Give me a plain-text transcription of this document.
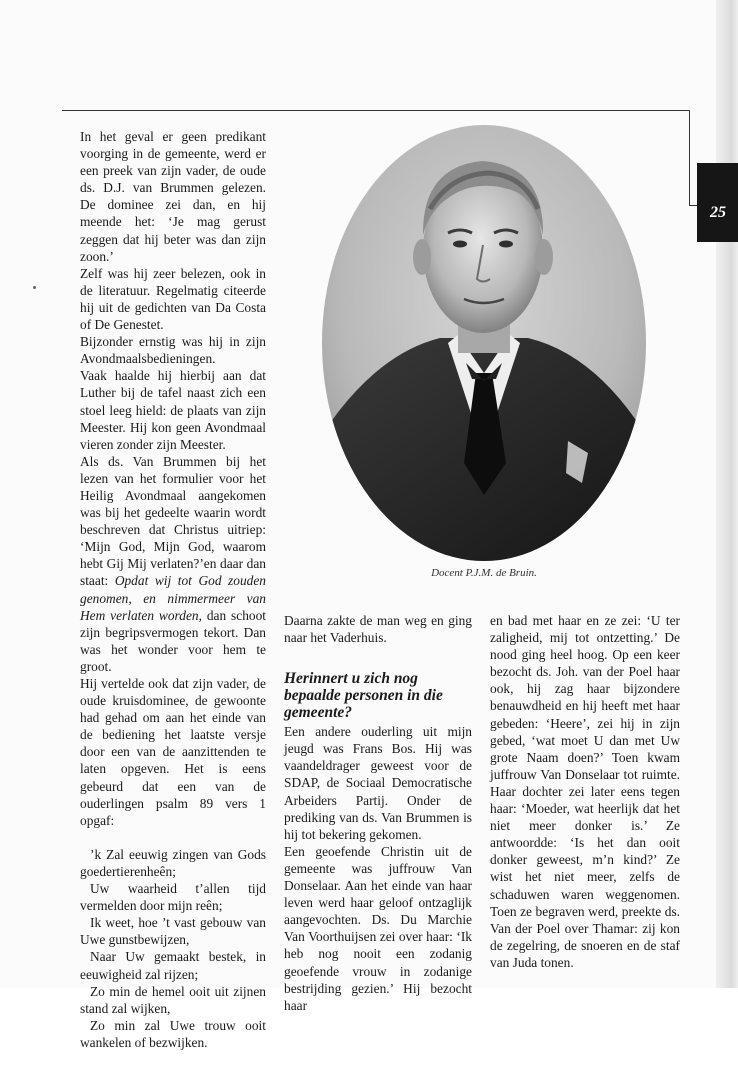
25

In het geval er geen predikant voorging in de gemeente, werd er een preek van zijn vader, de oude ds. D.J. van Brummen gelezen. De dominee zei dan, en hij meende het: ‘Je mag gerust zeggen dat hij beter was dan zijn zoon.’

Zelf was hij zeer belezen, ook in de literatuur. Regelmatig citeerde hij uit de gedichten van Da Costa of De Genestet.

Bijzonder ernstig was hij in zijn Avondmaalsbedieningen.

Vaak haalde hij hierbij aan dat Luther bij de tafel naast zich een stoel leeg hield: de plaats van zijn Meester. Hij kon geen Avondmaal vieren zonder zijn Meester.

Als ds. Van Brummen bij het lezen van het formulier voor het Heilig Avondmaal aangekomen was bij het gedeelte waarin wordt beschreven dat Christus uitriep: ‘Mijn God, Mijn God, waarom hebt Gij Mij verlaten?’en daar dan staat: Opdat wij tot God zouden genomen, en nimmermeer van Hem verlaten worden, dan schoot zijn begripsvermogen tekort. Dan was het wonder voor hem te groot.

Hij vertelde ook dat zijn vader, de oude kruisdominee, de gewoonte had gehad om aan het einde van de bediening het laatste versje door een van de aanzittenden te laten opgeven. Het is eens gebeurd dat een van de ouderlingen psalm 89 vers 1 opgaf:

’k Zal eeuwig zingen van Gods goedertierenheên;

Uw waarheid t’allen tijd vermelden door mijn reên;

Ik weet, hoe ’t vast gebouw van Uwe gunstbewijzen,

Naar Uw gemaakt bestek, in eeuwigheid zal rijzen;

Zo min de hemel ooit uit zijnen stand zal wijken,

Zo min zal Uwe trouw ooit wankelen of bezwijken.

Docent P.J.M. de Bruin.

Daarna zakte de man weg en ging naar het Vaderhuis.

Herinnert u zich nog bepaalde personen in die gemeente?

Een andere ouderling uit mijn jeugd was Frans Bos. Hij was vaandeldrager geweest voor de SDAP, de Sociaal Democratische Arbeiders Partij. Onder de prediking van ds. Van Brummen is hij tot bekering gekomen.

Een geoefende Christin uit de gemeente was juffrouw Van Donselaar. Aan het einde van haar leven werd haar geloof ontzaglijk aangevochten. Ds. Du Marchie Van Voorthuijsen zei over haar: ‘Ik heb nog nooit een zodanig geoefende vrouw in zodanige bestrijding gezien.’ Hij bezocht haar

en bad met haar en ze zei: ‘U ter zaligheid, mij tot ontzetting.’ De nood ging heel hoog. Op een keer bezocht ds. Joh. van der Poel haar ook, hij zag haar bijzondere benauwdheid en hij heeft met haar gebeden: ‘Heere’, zei hij in zijn gebed, ‘wat moet U dan met Uw grote Naam doen?’ Toen kwam juffrouw Van Donselaar tot ruimte. Haar dochter zei later eens tegen haar: ‘Moeder, wat heerlijk dat het niet meer donker is.’ Ze antwoordde: ‘Is het dan ooit donker geweest, m’n kind?’ Ze wist het niet meer, zelfs de schaduwen waren weggenomen. Toen ze begraven werd, preekte ds. Van der Poel over Thamar: zij kon de zegelring, de snoeren en de staf van Juda tonen.
